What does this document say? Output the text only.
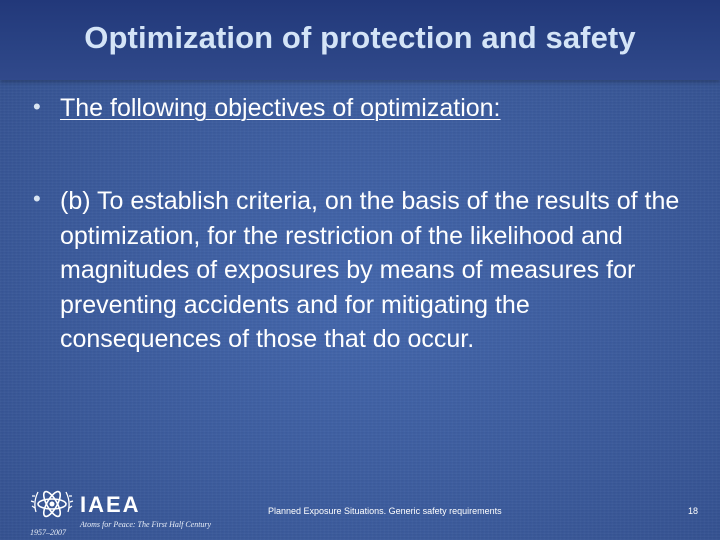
Optimization of protection and safety
• The following objectives of optimization:
• (b) To establish criteria, on the basis of the results of the optimization, for the restriction of the likelihood and magnitudes of exposures by means of measures for preventing accidents and for mitigating the consequences of those that do occur.
IAEA
Atoms for Peace: The First Half Century
1957–2007
Planned Exposure Situations. Generic safety requirements	18
